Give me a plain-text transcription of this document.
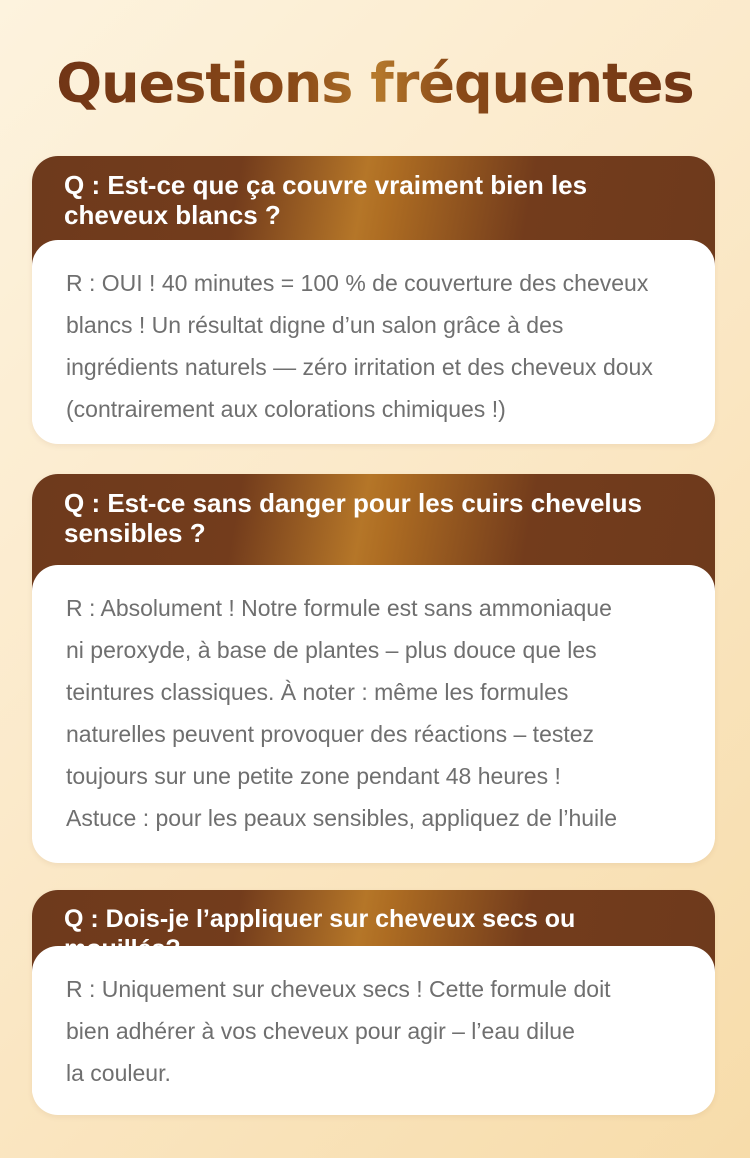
Questions fréquentes
Q : Est-ce que ça couvre vraiment bien les cheveux blancs ?
R : OUI ! 40 minutes = 100 % de couverture des cheveux
blancs ! Un résultat digne d’un salon grâce à des
ingrédients naturels — zéro irritation et des cheveux doux
(contrairement aux colorations chimiques !)
Q : Est-ce sans danger pour les cuirs chevelus sensibles ?
R : Absolument ! Notre formule est sans ammoniaque
ni peroxyde, à base de plantes – plus douce que les
teintures classiques. À noter : même les formules
naturelles peuvent provoquer des réactions – testez
toujours sur une petite zone pendant 48 heures !
Astuce : pour les peaux sensibles, appliquez de l’huile
Q : Dois-je l’appliquer sur cheveux secs ou
R : Uniquement sur cheveux secs ! Cette formule doit
bien adhérer à vos cheveux pour agir – l’eau dilue
la couleur.
